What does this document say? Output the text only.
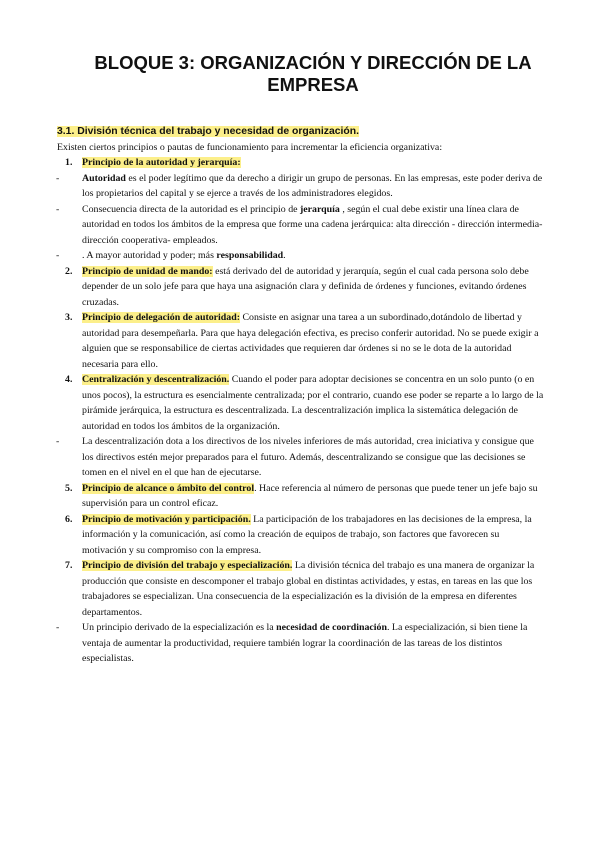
BLOQUE 3: ORGANIZACIÓN Y DIRECCIÓN DE LA EMPRESA
3.1. División técnica del trabajo y necesidad de organización.
Existen ciertos principios o pautas de funcionamiento para incrementar la eficiencia organizativa:
1. Principio de la autoridad y jerarquía:
- Autoridad es el poder legítimo que da derecho a dirigir un grupo de personas. En las empresas, este poder deriva de los propietarios del capital y se ejerce a través de los administradores elegidos.
- Consecuencia directa de la autoridad es el principio de jerarquía , según el cual debe existir una línea clara de autoridad en todos los ámbitos de la empresa que forme una cadena jerárquica: alta dirección - dirección intermedia- dirección cooperativa- empleados.
- . A mayor autoridad y poder; más responsabilidad.
2. Principio de unidad de mando: está derivado del de autoridad y jerarquía, según el cual cada persona solo debe depender de un solo jefe para que haya una asignación clara y definida de órdenes y funciones, evitando órdenes cruzadas.
3. Principio de delegación de autoridad: Consiste en asignar una tarea a un subordinado,dotándolo de libertad y autoridad para desempeñarla. Para que haya delegación efectiva, es preciso conferir autoridad. No se puede exigir a alguien que se responsabilice de ciertas actividades que requieren dar órdenes si no se le dota de la autoridad necesaria para ello.
4. Centralización y descentralización. Cuando el poder para adoptar decisiones se concentra en un solo punto (o en unos pocos), la estructura es esencialmente centralizada; por el contrario, cuando ese poder se reparte a lo largo de la pirámide jerárquica, la estructura es descentralizada. La descentralización implica la sistemática delegación de autoridad en todos los ámbitos de la organización.
- La descentralización dota a los directivos de los niveles inferiores de más autoridad, crea iniciativa y consigue que los directivos estén mejor preparados para el futuro. Además, descentralizando se consigue que las decisiones se tomen en el nivel en el que han de ejecutarse.
5. Principio de alcance o ámbito del control. Hace referencia al número de personas que puede tener un jefe bajo su supervisión para un control eficaz.
6. Principio de motivación y participación. La participación de los trabajadores en las decisiones de la empresa, la información y la comunicación, así como la creación de equipos de trabajo, son factores que favorecen su motivación y su compromiso con la empresa.
7. Principio de división del trabajo y especialización. La división técnica del trabajo es una manera de organizar la producción que consiste en descomponer el trabajo global en distintas actividades, y estas, en tareas en las que los trabajadores se especializan. Una consecuencia de la especialización es la división de la empresa en diferentes departamentos.
- Un principio derivado de la especialización es la necesidad de coordinación. La especialización, si bien tiene la ventaja de aumentar la productividad, requiere también lograr la coordinación de las tareas de los distintos especialistas.
